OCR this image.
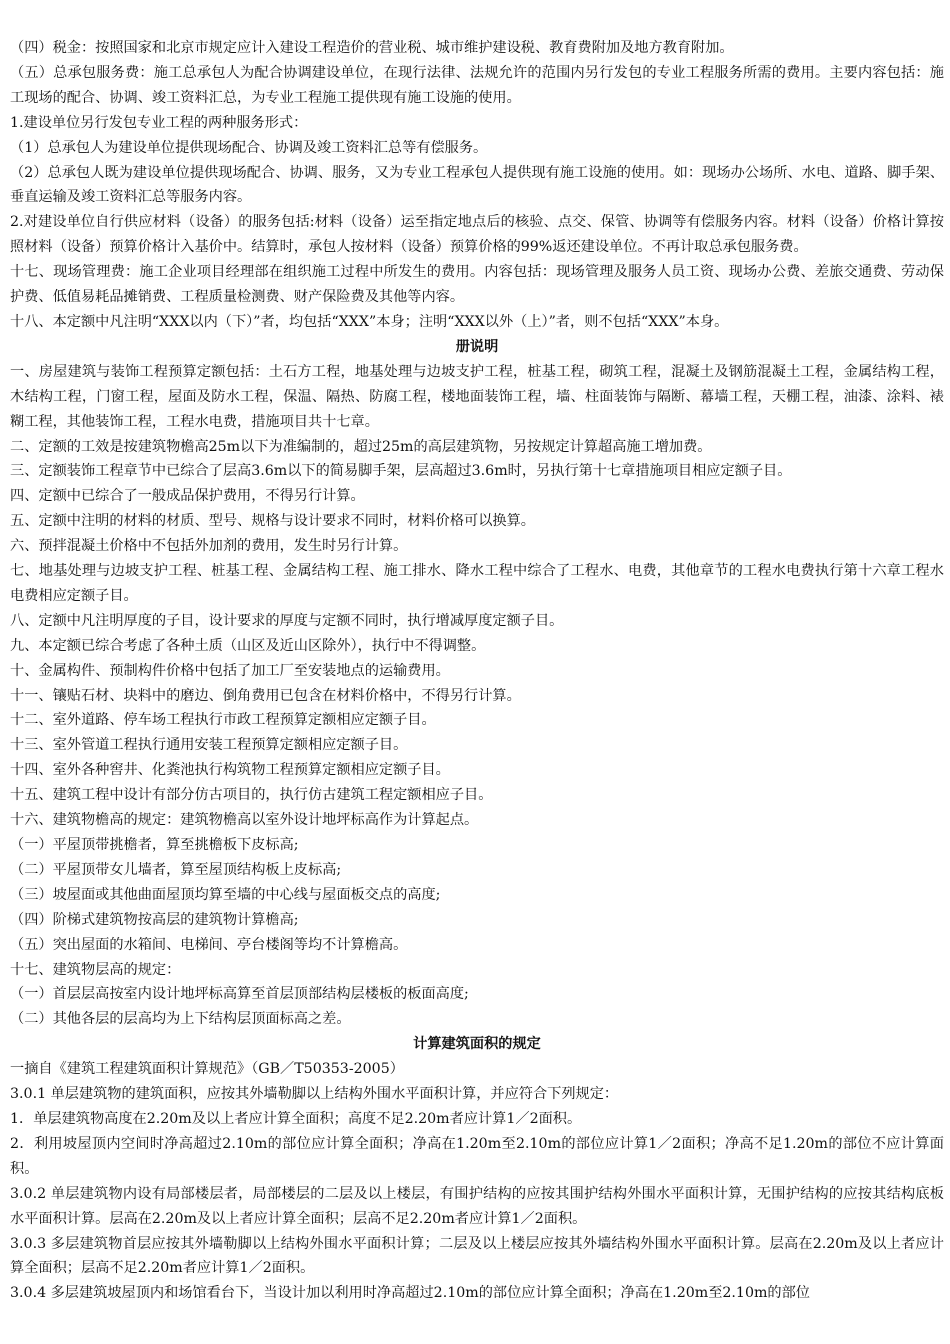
（四）税金：按照国家和北京市规定应计入建设工程造价的营业税、城市维护建设税、教育费附加及地方教育附加。

（五）总承包服务费：施工总承包人为配合协调建设单位，在现行法律、法规允许的范围内另行发包的专业工程服务所需的费用。主要内容包括：施工现场的配合、协调、竣工资料汇总，为专业工程施工提供现有施工设施的使用。

1.建设单位另行发包专业工程的两种服务形式：

（1）总承包人为建设单位提供现场配合、协调及竣工资料汇总等有偿服务。

（2）总承包人既为建设单位提供现场配合、协调、服务，又为专业工程承包人提供现有施工设施的使用。如：现场办公场所、水电、道路、脚手架、垂直运输及竣工资料汇总等服务内容。

2.对建设单位自行供应材料（设备）的服务包括:材料（设备）运至指定地点后的核验、点交、保管、协调等有偿服务内容。材料（设备）价格计算按照材料（设备）预算价格计入基价中。结算时，承包人按材料（设备）预算价格的99%返还建设单位。不再计取总承包服务费。

十七、现场管理费：施工企业项目经理部在组织施工过程中所发生的费用。内容包括：现场管理及服务人员工资、现场办公费、差旅交通费、劳动保护费、低值易耗品摊销费、工程质量检测费、财产保险费及其他等内容。

十八、本定额中凡注明“XXX以内（下）”者，均包括“XXX”本身；注明“XXX以外（上）”者，则不包括“XXX”本身。

册说明

一、房屋建筑与装饰工程预算定额包括：土石方工程，地基处理与边坡支护工程，桩基工程，砌筑工程，混凝土及钢筋混凝土工程，金属结构工程，木结构工程，门窗工程，屋面及防水工程，保温、隔热、防腐工程，楼地面装饰工程，墙、柱面装饰与隔断、幕墙工程，天棚工程，油漆、涂料、裱糊工程，其他装饰工程，工程水电费，措施项目共十七章。

二、定额的工效是按建筑物檐高25m以下为准编制的，超过25m的高层建筑物，另按规定计算超高施工增加费。

三、定额装饰工程章节中已综合了层高3.6m以下的简易脚手架，层高超过3.6m时，另执行第十七章措施项目相应定额子目。

四、定额中已综合了一般成品保护费用，不得另行计算。

五、定额中注明的材料的材质、型号、规格与设计要求不同时，材料价格可以换算。

六、预拌混凝土价格中不包括外加剂的费用，发生时另行计算。

七、地基处理与边坡支护工程、桩基工程、金属结构工程、施工排水、降水工程中综合了工程水、电费，其他章节的工程水电费执行第十六章工程水电费相应定额子目。

八、定额中凡注明厚度的子目，设计要求的厚度与定额不同时，执行增减厚度定额子目。

九、本定额已综合考虑了各种土质（山区及近山区除外），执行中不得调整。

十、金属构件、预制构件价格中包括了加工厂至安装地点的运输费用。

十一、镶贴石材、块料中的磨边、倒角费用已包含在材料价格中，不得另行计算。

十二、室外道路、停车场工程执行市政工程预算定额相应定额子目。

十三、室外管道工程执行通用安装工程预算定额相应定额子目。

十四、室外各种窖井、化粪池执行构筑物工程预算定额相应定额子目。

十五、建筑工程中设计有部分仿古项目的，执行仿古建筑工程定额相应子目。

十六、建筑物檐高的规定：建筑物檐高以室外设计地坪标高作为计算起点。

（一）平屋顶带挑檐者，算至挑檐板下皮标高;

（二）平屋顶带女儿墙者，算至屋顶结构板上皮标高;

（三）坡屋面或其他曲面屋顶均算至墙的中心线与屋面板交点的高度;

（四）阶梯式建筑物按高层的建筑物计算檐高;

（五）突出屋面的水箱间、电梯间、亭台楼阁等均不计算檐高。

十七、建筑物层高的规定：

（一）首层层高按室内设计地坪标高算至首层顶部结构层楼板的板面高度;

（二）其他各层的层高均为上下结构层顶面标高之差。

计算建筑面积的规定

一摘自《建筑工程建筑面积计算规范》（GB／T50353-2005）

3.0.1 单层建筑物的建筑面积，应按其外墙勒脚以上结构外围水平面积计算，并应符合下列规定：

1．单层建筑物高度在2.20m及以上者应计算全面积；高度不足2.20m者应计算1／2面积。

2．利用坡屋顶内空间时净高超过2.10m的部位应计算全面积；净高在1.20m至2.10m的部位应计算1／2面积；净高不足1.20m的部位不应计算面积。

3.0.2 单层建筑物内设有局部楼层者，局部楼层的二层及以上楼层，有围护结构的应按其围护结构外围水平面积计算，无围护结构的应按其结构底板水平面积计算。层高在2.20m及以上者应计算全面积；层高不足2.20m者应计算1／2面积。

3.0.3 多层建筑物首层应按其外墙勒脚以上结构外围水平面积计算；二层及以上楼层应按其外墙结构外围水平面积计算。层高在2.20m及以上者应计算全面积；层高不足2.20m者应计算1／2面积。

3.0.4 多层建筑坡屋顶内和场馆看台下，当设计加以利用时净高超过2.10m的部位应计算全面积；净高在1.20m至2.10m的部位
